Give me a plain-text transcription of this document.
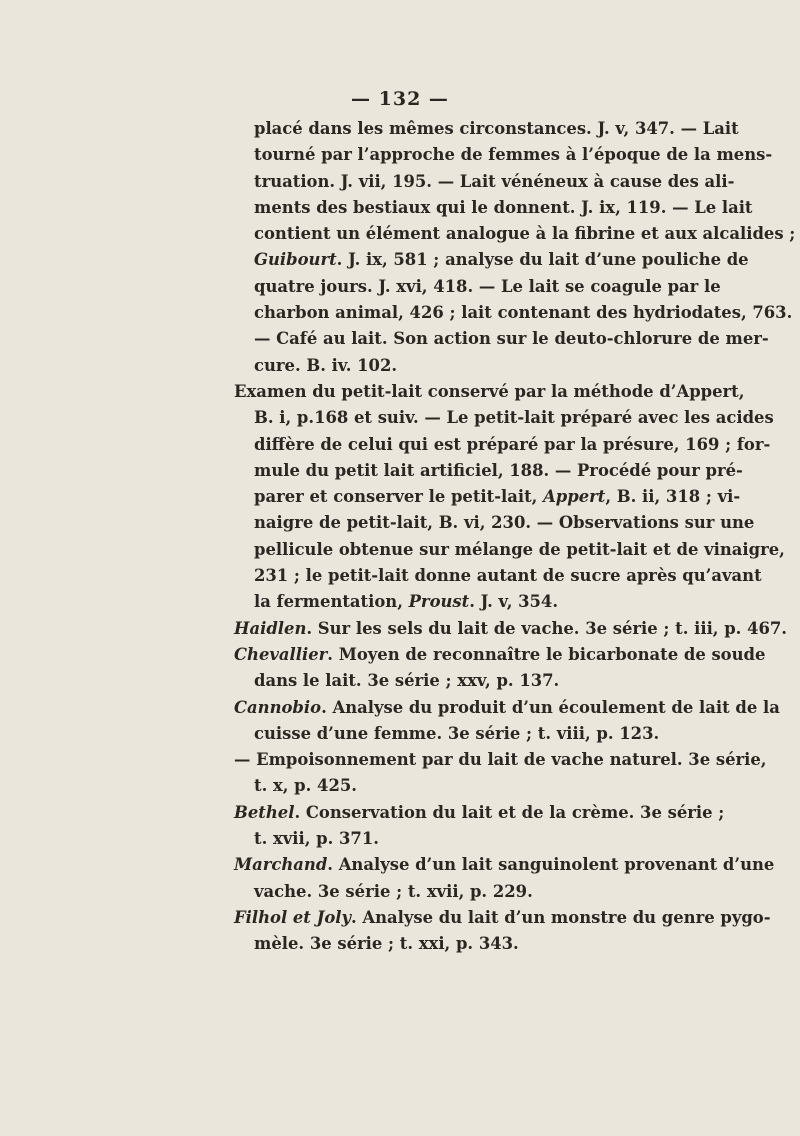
— 132 —
placé dans les mêmes circonstances. J. v, 347. — Lait
tourné par l’approche de femmes à l’époque de la mens-
truation. J. vii, 195. — Lait vénéneux à cause des ali-
ments des bestiaux qui le donnent. J. ix, 119. — Le lait
contient un élément analogue à la fibrine et aux alcalides ;
Guibourt. J. ix, 581 ; analyse du lait d’une pouliche de
quatre jours. J. xvi, 418. — Le lait se coagule par le
charbon animal, 426 ; lait contenant des hydriodates, 763.
— Café au lait. Son action sur le deuto-chlorure de mer-
cure. B. iv. 102.
Examen du petit-lait conservé par la méthode d’Appert,
B. i, p.168 et suiv. — Le petit-lait préparé avec les acides
diffère de celui qui est préparé par la présure, 169 ; for-
mule du petit lait artificiel, 188. — Procédé pour pré-
parer et conserver le petit-lait, Appert, B. ii, 318 ; vi-
naigre de petit-lait, B. vi, 230. — Observations sur une
pellicule obtenue sur mélange de petit-lait et de vinaigre,
231 ; le petit-lait donne autant de sucre après qu’avant
la fermentation, Proust. J. v, 354.
Haidlen. Sur les sels du lait de vache. 3e série ; t. iii, p. 467.
Chevallier. Moyen de reconnaître le bicarbonate de soude
dans le lait. 3e série ; xxv, p. 137.
Cannobio. Analyse du produit d’un écoulement de lait de la
cuisse d’une femme. 3e série ; t. viii, p. 123.
— Empoisonnement par du lait de vache naturel. 3e série,
t. x, p. 425.
Bethel. Conservation du lait et de la crème. 3e série ;
t. xvii, p. 371.
Marchand. Analyse d’un lait sanguinolent provenant d’une
vache. 3e série ; t. xvii, p. 229.
Filhol et Joly. Analyse du lait d’un monstre du genre pygo-
mèle. 3e série ; t. xxi, p. 343.
